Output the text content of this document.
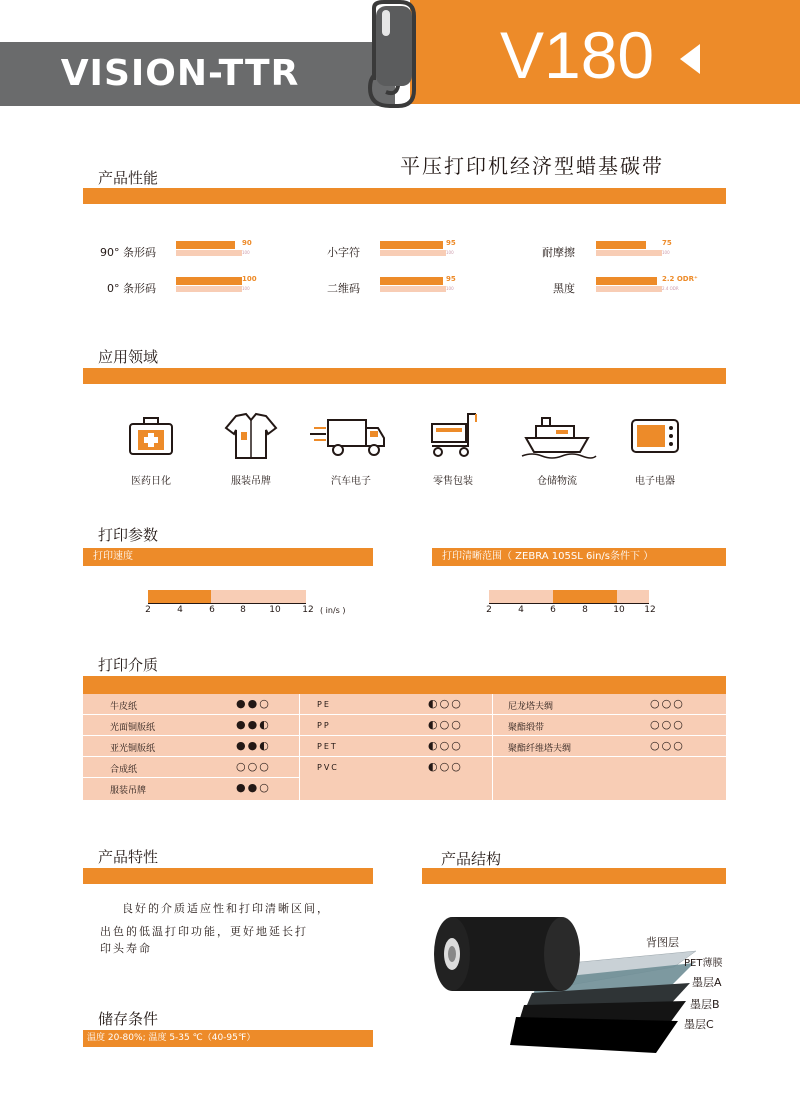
VISION-TTR	V180
平压打印机经济型蜡基碳带
产品性能
90° 条形码
90
100	小字符
95
100	耐摩擦
75
100
0° 条形码
100
100	二维码
95
100	黑度
2.2 ODR⁺
2.4 ODR
应用领域
医药日化	服装吊牌	汽车电子	零售包装	仓储物流	电子电器
打印参数
打印速度	打印清晰范围（ ZEBRA 105SL 6in/s条件下 ）
2	4	6	8	10	12 ( in/s )	2	4	6	8	10	12
打印介质
牛皮纸	●●○
光面铜版纸	●●◐
亚光铜版纸	●●◐
合成纸	○○○
服装吊牌	●●○
PE	◐○○
PP	◐○○
PET	◐○○
PVC	◐○○
尼龙塔夫绸	○○○
聚酯缎带	○○○
聚酯纤维塔夫绸	○○○
产品特性
良好的介质适应性和打印清晰区间，
出色的低温打印功能，更好地延长打
印头寿命
产品结构
背图层
PET薄膜
墨层A
墨层B
墨层C
储存条件
温度 20-80%; 温度 5-35 ℃（40-95℉）
